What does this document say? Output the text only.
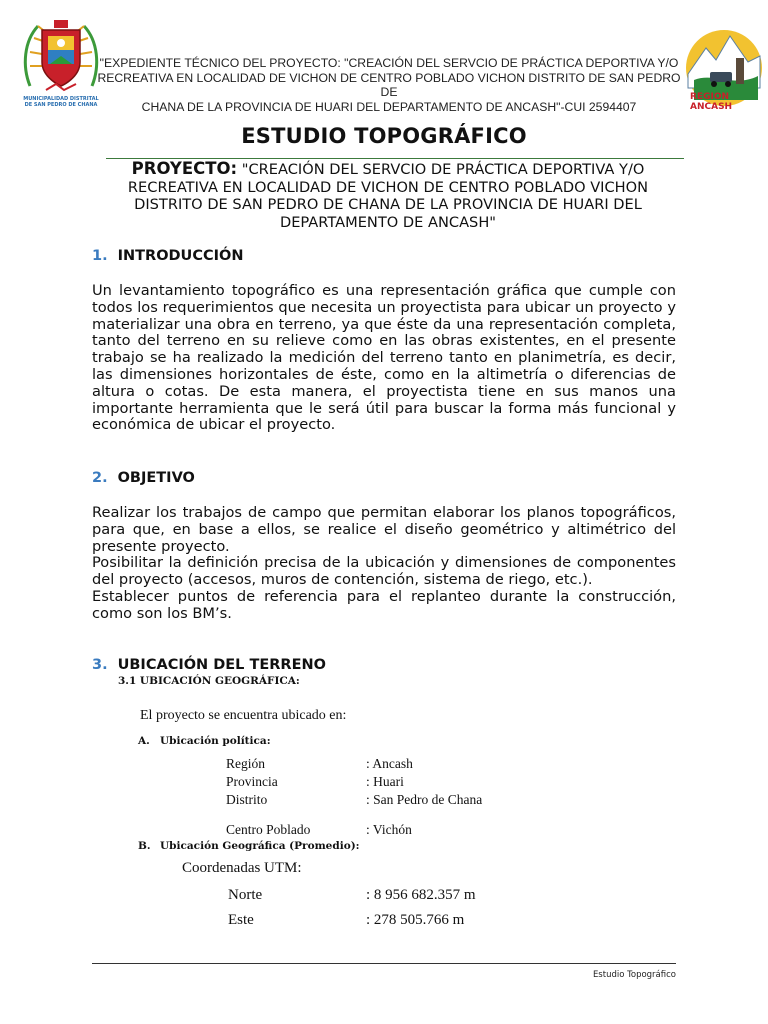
MUNICIPALIDAD DISTRITAL DE SAN PEDRO DE CHANA
REGION ANCASH
"EXPEDIENTE TÉCNICO DEL PROYECTO: "CREACIÓN DEL SERVCIO DE PRÁCTICA DEPORTIVA Y/O
RECREATIVA EN LOCALIDAD DE VICHON DE CENTRO POBLADO VICHON DISTRITO DE SAN PEDRO DE
CHANA DE LA PROVINCIA DE HUARI DEL DEPARTAMENTO DE ANCASH"-CUI 2594407
ESTUDIO TOPOGRÁFICO
PROYECTO: "CREACIÓN DEL SERVCIO DE PRÁCTICA DEPORTIVA Y/O
RECREATIVA EN LOCALIDAD DE VICHON DE CENTRO POBLADO VICHON
DISTRITO DE SAN PEDRO DE CHANA DE LA PROVINCIA DE HUARI DEL
DEPARTAMENTO DE ANCASH"
1. INTRODUCCIÓN

Un levantamiento topográfico es una representación gráfica que cumple con todos los requerimientos que necesita un proyectista para ubicar un proyecto y materializar una obra en terreno, ya que éste da una representación completa, tanto del terreno en su relieve como en las obras existentes, en el presente trabajo se ha realizado la medición del terreno tanto en planimetría, es decir, las dimensiones horizontales de éste, como en la altimetría o diferencias de altura o cotas. De esta manera, el proyectista tiene en sus manos una importante herramienta que le será útil para buscar la forma más funcional y económica de ubicar el proyecto.

2. OBJETIVO

Realizar los trabajos de campo que permitan elaborar los planos topográficos, para que, en base a ellos, se realice el diseño geométrico y altimétrico del presente proyecto.

Posibilitar la definición precisa de la ubicación y dimensiones de componentes del proyecto (accesos, muros de contención, sistema de riego, etc.).

Establecer puntos de referencia para el replanteo durante la construcción, como son los BM’s.

3. UBICACIÓN DEL TERRENO
3.1 UBICACIÓN GEOGRÁFICA:
El proyecto se encuentra ubicado en:
A. Ubicación política:
Región	: Ancash
Provincia	: Huari
Distrito	: San Pedro de Chana
Centro Poblado	: Vichón
B. Ubicación Geográfica (Promedio):
Coordenadas UTM:
Norte	: 8 956 682.357 m
Este	: 278 505.766 m
Estudio Topográfico
